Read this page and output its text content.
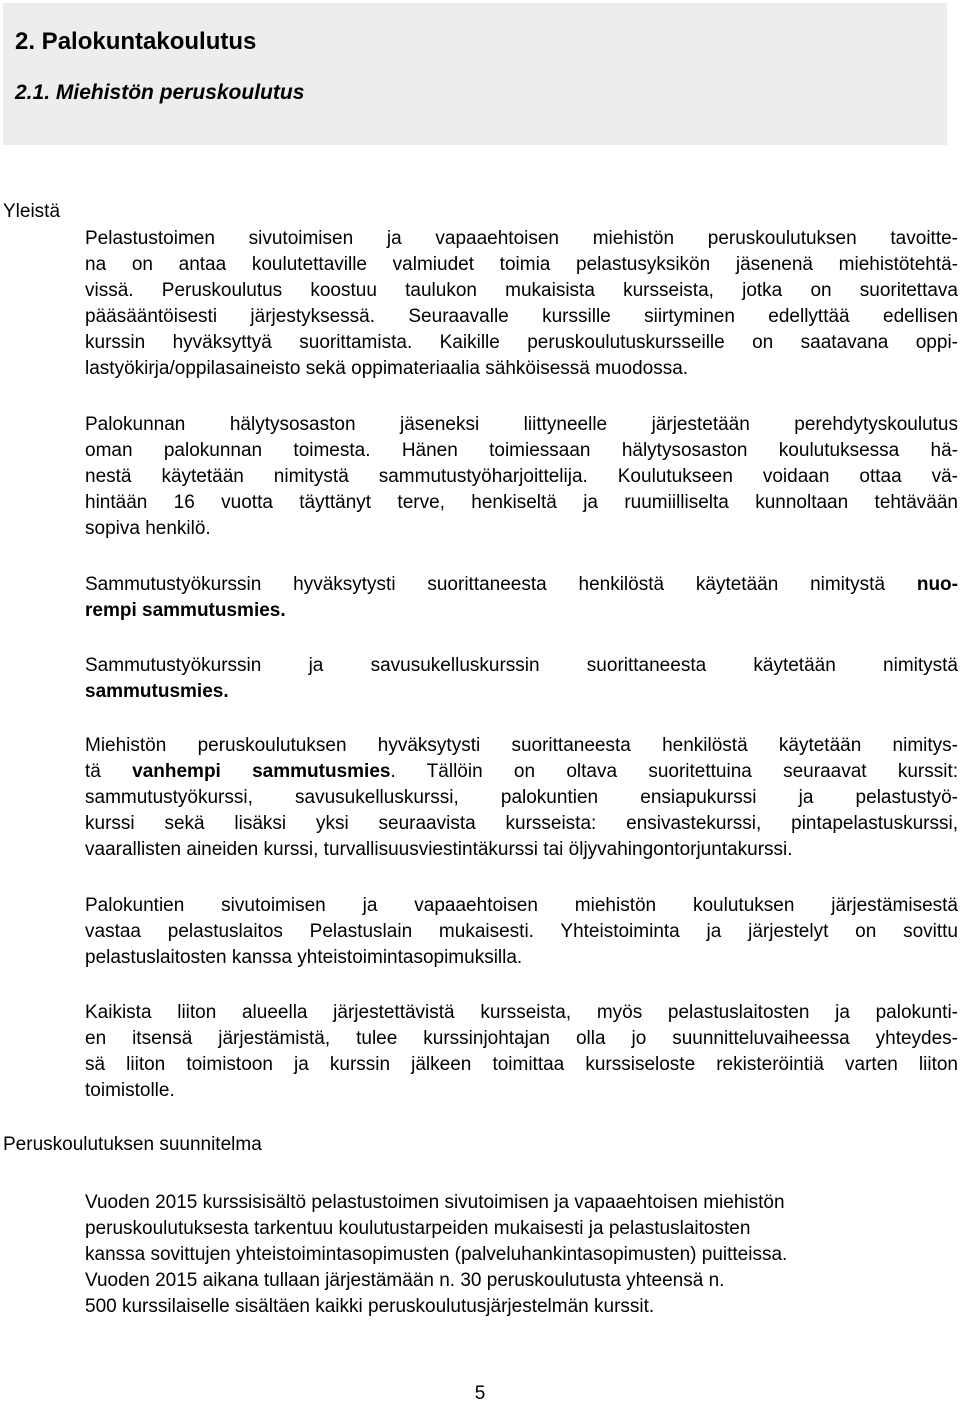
2. Palokuntakoulutus
2.1. Miehistön peruskoulutus
Yleistä
Pelastustoimen sivutoimisen ja vapaaehtoisen miehistön peruskoulutuksen tavoitte-
na on antaa koulutettaville valmiudet toimia pelastusyksikön jäsenenä miehistötehtä-
vissä. Peruskoulutus koostuu taulukon mukaisista kursseista, jotka on suoritettava
pääsääntöisesti järjestyksessä. Seuraavalle kurssille siirtyminen edellyttää edellisen
kurssin hyväksyttyä suorittamista. Kaikille peruskoulutuskursseille on saatavana oppi-
lastyökirja/oppilasaineisto sekä oppimateriaalia sähköisessä muodossa.
Palokunnan hälytysosaston jäseneksi liittyneelle järjestetään perehdytyskoulutus
oman palokunnan toimesta. Hänen toimiessaan hälytysosaston koulutuksessa hä-
nestä käytetään nimitystä sammutustyöharjoittelija. Koulutukseen voidaan ottaa vä-
hintään 16 vuotta täyttänyt terve, henkiseltä ja ruumiilliselta kunnoltaan tehtävään
sopiva henkilö.
Sammutustyökurssin hyväksytysti suorittaneesta henkilöstä käytetään nimitystä nuo-
rempi sammutusmies.
Sammutustyökurssin ja savusukelluskurssin suorittaneesta käytetään nimitystä
sammutusmies.
Miehistön peruskoulutuksen hyväksytysti suorittaneesta henkilöstä käytetään nimitys-
tä vanhempi sammutusmies. Tällöin on oltava suoritettuina seuraavat kurssit:
sammutustyökurssi, savusukelluskurssi, palokuntien ensiapukurssi ja pelastustyö-
kurssi sekä lisäksi yksi seuraavista kursseista: ensivastekurssi, pintapelastuskurssi,
vaarallisten aineiden kurssi, turvallisuusviestintäkurssi tai öljyvahingontorjuntakurssi.
Palokuntien sivutoimisen ja vapaaehtoisen miehistön koulutuksen järjestämisestä
vastaa pelastuslaitos Pelastuslain mukaisesti. Yhteistoiminta ja järjestelyt on sovittu
pelastuslaitosten kanssa yhteistoimintasopimuksilla.
Kaikista liiton alueella järjestettävistä kursseista, myös pelastuslaitosten ja palokunti-
en itsensä järjestämistä, tulee kurssinjohtajan olla jo suunnitteluvaiheessa yhteydes-
sä liiton toimistoon ja kurssin jälkeen toimittaa kurssiseloste rekisteröintiä varten liiton
toimistolle.
Peruskoulutuksen suunnitelma
Vuoden 2015 kurssisisältö pelastustoimen sivutoimisen ja vapaaehtoisen miehistön
peruskoulutuksesta tarkentuu koulutustarpeiden mukaisesti ja pelastuslaitosten
kanssa sovittujen yhteistoimintasopimusten (palveluhankintasopimusten) puitteissa.
Vuoden 2015 aikana tullaan järjestämään n. 30 peruskoulutusta yhteensä n.
500 kurssilaiselle sisältäen kaikki peruskoulutusjärjestelmän kurssit.
5
